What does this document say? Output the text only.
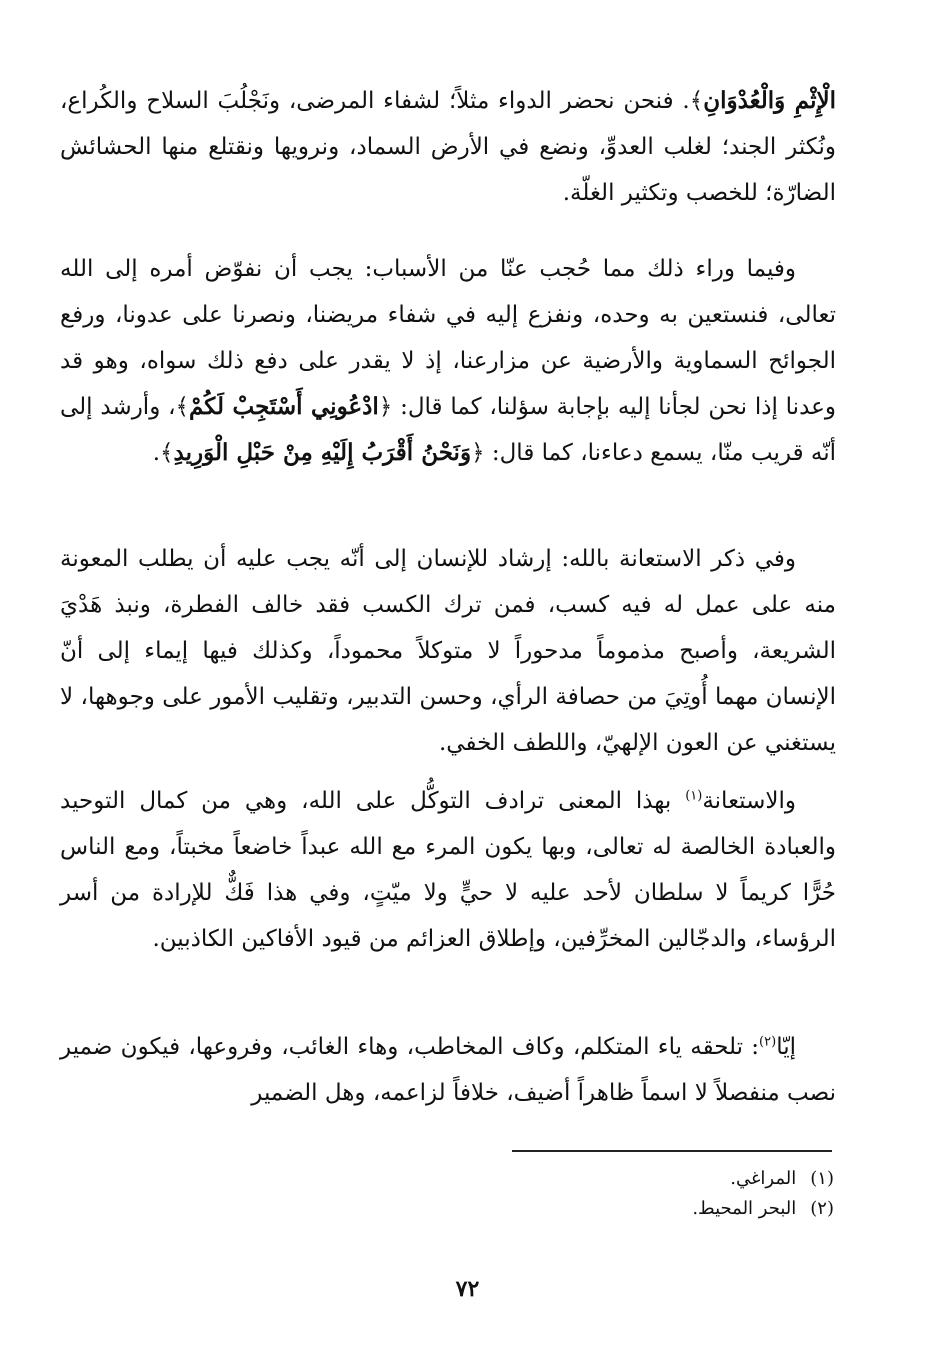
الْإِثْمِ وَالْعُدْوَانِ﴾. فنحن نحضر الدواء مثلاً؛ لشفاء المرضى، ونَجْلُبَ السلاح والكُراع، ونُكثر الجند؛ لغلب العدوِّ، ونضع في الأرض السماد، ونرويها ونقتلع منها الحشائش الضارّة؛ للخصب وتكثير الغلّة.

وفيما وراء ذلك مما حُجب عنّا من الأسباب: يجب أن نفوّض أمره إلى الله تعالى، فنستعين به وحده، ونفزع إليه في شفاء مريضنا، ونصرنا على عدونا، ورفع الجوائح السماوية والأرضية عن مزارعنا، إذ لا يقدر على دفع ذلك سواه، وهو قد وعدنا إذا نحن لجأنا إليه بإجابة سؤلنا، كما قال: ﴿ادْعُونِي أَسْتَجِبْ لَكُمْ﴾، وأرشد إلى أنّه قريب منّا، يسمع دعاءنا، كما قال: ﴿وَنَحْنُ أَقْرَبُ إِلَيْهِ مِنْ حَبْلِ الْوَرِيدِ﴾.

وفي ذكر الاستعانة بالله: إرشاد للإنسان إلى أنّه يجب عليه أن يطلب المعونة منه على عمل له فيه كسب، فمن ترك الكسب فقد خالف الفطرة، ونبذ هَدْيَ الشريعة، وأصبح مذموماً مدحوراً لا متوكلاً محموداً، وكذلك فيها إيماء إلى أنّ الإنسان مهما أُوتِيَ من حصافة الرأي، وحسن التدبير، وتقليب الأمور على وجوهها، لا يستغني عن العون الإلهيّ، واللطف الخفي.

والاستعانة$^{(١)}$ بهذا المعنى ترادف التوكُّل على الله، وهي من كمال التوحيد والعبادة الخالصة له تعالى، وبها يكون المرء مع الله عبداً خاضعاً مخبتاً، ومع الناس حُرًّا كريماً لا سلطان لأحد عليه لا حيٍّ ولا ميّتٍ، وفي هذا فَكٌّ للإرادة من أسر الرؤساء، والدجّالين المخرِّفين، وإطلاق العزائم من قيود الأفاكين الكاذبين.

إيّا$^{(٢)}$: تلحقه ياء المتكلم، وكاف المخاطب، وهاء الغائب، وفروعها، فيكون ضمير نصب منفصلاً لا اسماً ظاهراً أضيف، خلافاً لزاعمه، وهل الضمير

(١)المراغي.
(٢)البحر المحيط.
٧٢
